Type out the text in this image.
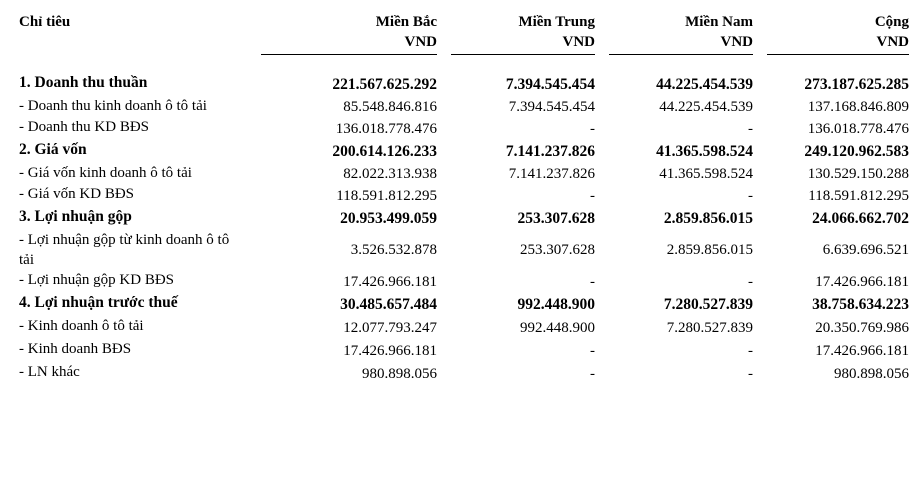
Chỉ tiêu	Miền Bắc	Miền Trung	Miền Nam	Cộng
	VND	VND	VND	VND

1. Doanh thu thuần	221.567.625.292	7.394.545.454	44.225.454.539	273.187.625.285
- Doanh thu kinh doanh ô tô tải	85.548.846.816	7.394.545.454	44.225.454.539	137.168.846.809
- Doanh thu KD BĐS	136.018.778.476	-	-	136.018.778.476
2. Giá vốn	200.614.126.233	7.141.237.826	41.365.598.524	249.120.962.583
- Giá vốn kinh doanh ô tô tải	82.022.313.938	7.141.237.826	41.365.598.524	130.529.150.288
- Giá vốn KD BĐS	118.591.812.295	-	-	118.591.812.295
3. Lợi nhuận gộp	20.953.499.059	253.307.628	2.859.856.015	24.066.662.702
- Lợi nhuận gộp từ kinh doanh ô tô tải	3.526.532.878	253.307.628	2.859.856.015	6.639.696.521
- Lợi nhuận gộp KD BĐS	17.426.966.181	-	-	17.426.966.181
4. Lợi nhuận trước thuế	30.485.657.484	992.448.900	7.280.527.839	38.758.634.223
- Kinh doanh ô tô tải	12.077.793.247	992.448.900	7.280.527.839	20.350.769.986
- Kinh doanh BĐS	17.426.966.181	-	-	17.426.966.181
- LN khác	980.898.056	-	-	980.898.056
